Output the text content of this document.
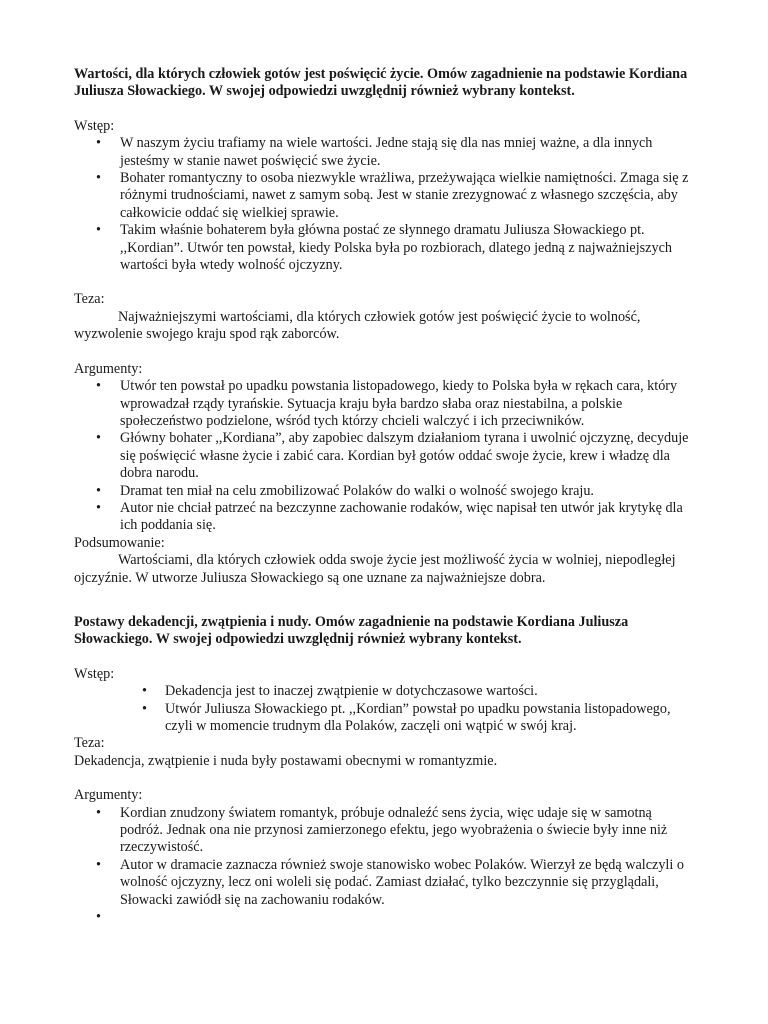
Wartości, dla których człowiek gotów jest poświęcić życie. Omów zagadnienie na podstawie Kordiana Juliusza Słowackiego. W swojej odpowiedzi uwzględnij również wybrany kontekst.

Wstęp:

• W naszym życiu trafiamy na wiele wartości. Jedne stają się dla nas mniej ważne, a dla innych jesteśmy w stanie nawet poświęcić swe życie.
• Bohater romantyczny to osoba niezwykle wrażliwa, przeżywająca wielkie namiętności. Zmaga się z różnymi trudnościami, nawet z samym sobą. Jest w stanie zrezygnować z własnego szczęścia, aby całkowicie oddać się wielkiej sprawie.
• Takim właśnie bohaterem była główna postać ze słynnego dramatu Juliusza Słowackiego pt. ,,Kordian”. Utwór ten powstał, kiedy Polska była po rozbiorach, dlatego jedną z najważniejszych wartości była wtedy wolność ojczyzny.

Teza:

Najważniejszymi wartościami, dla których człowiek gotów jest poświęcić życie to wolność, wyzwolenie swojego kraju spod rąk zaborców.

Argumenty:

• Utwór ten powstał po upadku powstania listopadowego, kiedy to Polska była w rękach cara, który wprowadzał rządy tyrańskie. Sytuacja kraju była bardzo słaba oraz niestabilna, a polskie społeczeństwo podzielone, wśród tych którzy chcieli walczyć i ich przeciwników.
• Główny bohater ,,Kordiana”, aby zapobiec dalszym działaniom tyrana i uwolnić ojczyznę, decyduje się poświęcić własne życie i zabić cara. Kordian był gotów oddać swoje życie, krew i władzę dla dobra narodu.
• Dramat ten miał na celu zmobilizować Polaków do walki o wolność swojego kraju.
• Autor nie chciał patrzeć na bezczynne zachowanie rodaków, więc napisał ten utwór jak krytykę dla ich poddania się.

Podsumowanie:

Wartościami, dla których człowiek odda swoje życie jest możliwość życia w wolniej, niepodległej ojczyźnie. W utworze Juliusza Słowackiego są one uznane za najważniejsze dobra.

Postawy dekadencji, zwątpienia i nudy. Omów zagadnienie na podstawie Kordiana Juliusza Słowackiego. W swojej odpowiedzi uwzględnij również wybrany kontekst.

Wstęp:

• Dekadencja jest to inaczej zwątpienie w dotychczasowe wartości.
• Utwór Juliusza Słowackiego pt. ,,Kordian” powstał po upadku powstania listopadowego, czyli w momencie trudnym dla Polaków, zaczęli oni wątpić w swój kraj.

Teza:

Dekadencja, zwątpienie i nuda były postawami obecnymi w romantyzmie.

Argumenty:

• Kordian znudzony światem romantyk, próbuje odnaleźć sens życia, więc udaje się w samotną podróż. Jednak ona nie przynosi zamierzonego efektu, jego wyobrażenia o świecie były inne niż rzeczywistość.
• Autor w dramacie zaznacza również swoje stanowisko wobec Polaków. Wierzył ze będą walczyli o wolność ojczyzny, lecz oni woleli się podać. Zamiast działać, tylko bezczynnie się przyglądali, Słowacki zawiódł się na zachowaniu rodaków.
•
